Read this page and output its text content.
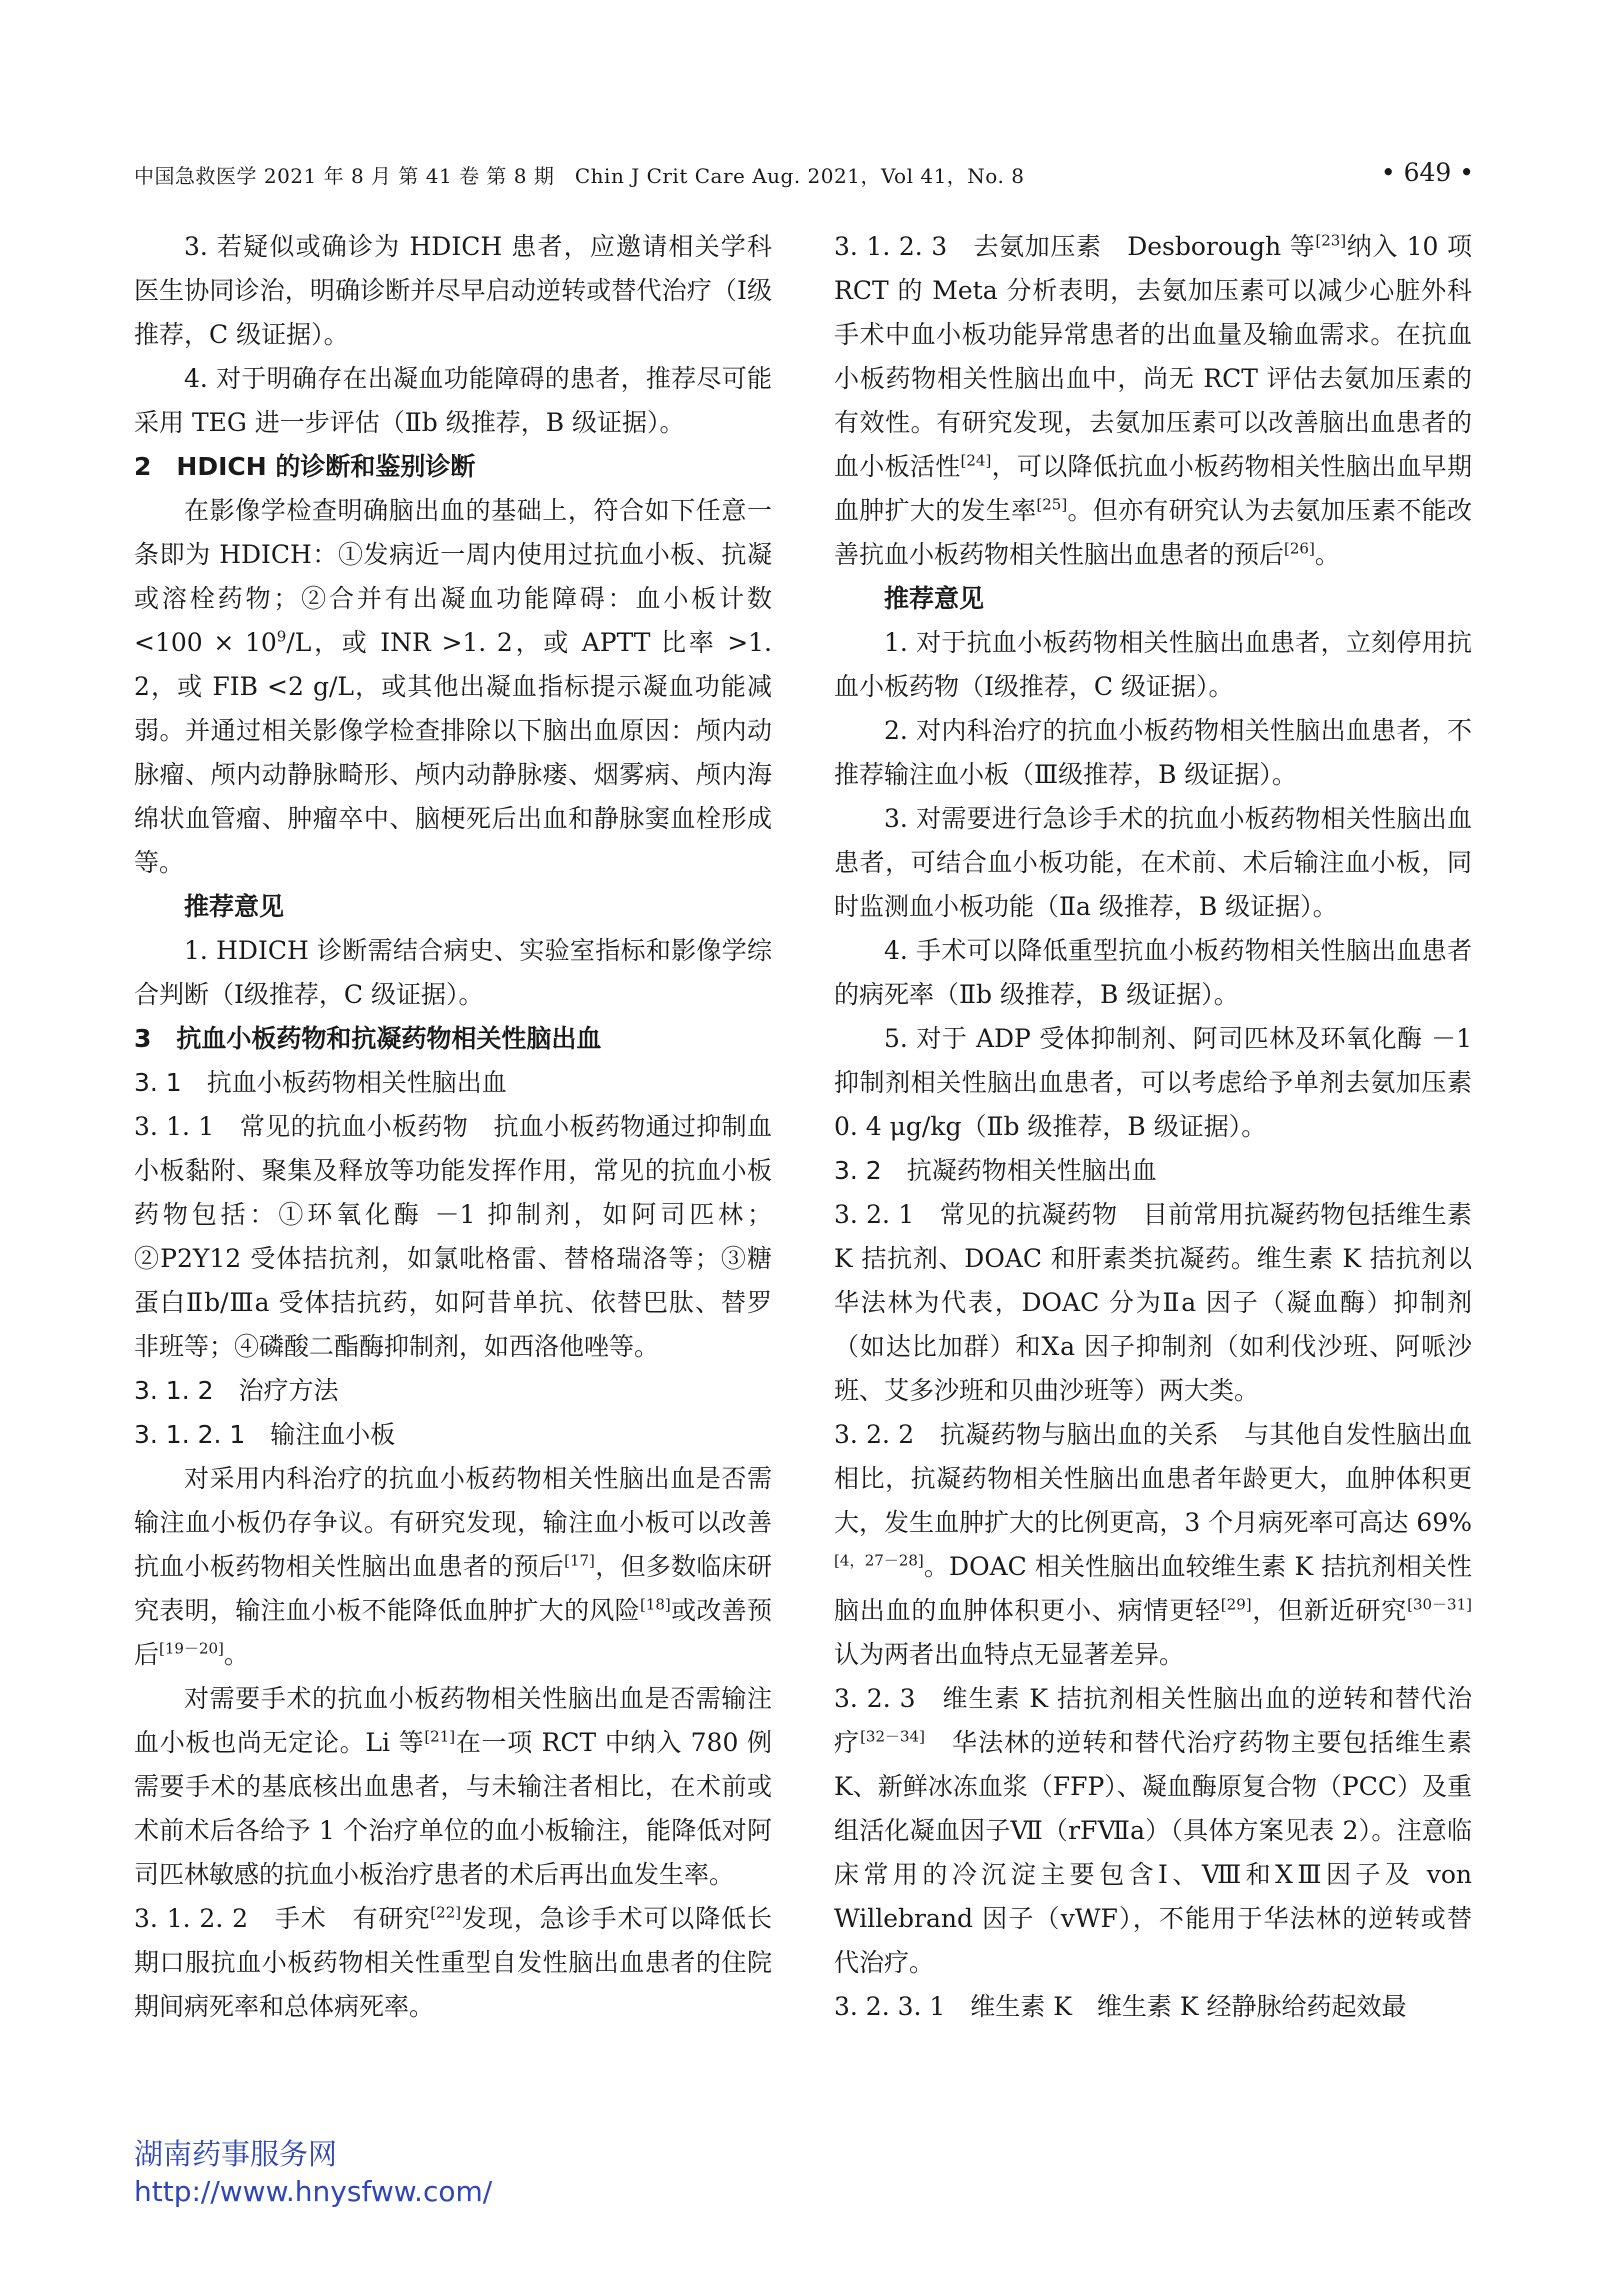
中国急救医学 2021 年 8 月 第 41 卷 第 8 期　Chin J Crit Care Aug. 2021，Vol 41，No. 8	• 649 •

3. 若疑似或确诊为 HDICH 患者，应邀请相关学科医生协同诊治，明确诊断并尽早启动逆转或替代治疗（Ⅰ级推荐，C 级证据）。

4. 对于明确存在出凝血功能障碍的患者，推荐尽可能采用 TEG 进一步评估（Ⅱb 级推荐，B 级证据）。

2　HDICH 的诊断和鉴别诊断

在影像学检查明确脑出血的基础上，符合如下任意一条即为 HDICH：①发病近一周内使用过抗血小板、抗凝或溶栓药物；②合并有出凝血功能障碍：血小板计数 $<100 \times 10^9/L$，或 INR >1. 2，或 APTT 比率 >1. 2，或 FIB <2 g/L，或其他出凝血指标提示凝血功能减弱。并通过相关影像学检查排除以下脑出血原因：颅内动脉瘤、颅内动静脉畸形、颅内动静脉瘘、烟雾病、颅内海绵状血管瘤、肿瘤卒中、脑梗死后出血和静脉窦血栓形成等。

推荐意见

1. HDICH 诊断需结合病史、实验室指标和影像学综合判断（Ⅰ级推荐，C 级证据）。

3　抗血小板药物和抗凝药物相关性脑出血

3. 1　抗血小板药物相关性脑出血

3. 1. 1　常见的抗血小板药物　抗血小板药物通过抑制血小板黏附、聚集及释放等功能发挥作用，常见的抗血小板药物包括：①环氧化酶 －1 抑制剂，如阿司匹林；②P2Y12 受体拮抗剂，如氯吡格雷、替格瑞洛等；③糖蛋白Ⅱb/Ⅲa 受体拮抗药，如阿昔单抗、依替巴肽、替罗非班等；④磷酸二酯酶抑制剂，如西洛他唑等。

3. 1. 2　治疗方法

3. 1. 2. 1　输注血小板

对采用内科治疗的抗血小板药物相关性脑出血是否需输注血小板仍存争议。有研究发现，输注血小板可以改善抗血小板药物相关性脑出血患者的预后[17]，但多数临床研究表明，输注血小板不能降低血肿扩大的风险[18]或改善预后[19－20]。

对需要手术的抗血小板药物相关性脑出血是否需输注血小板也尚无定论。Li 等[21]在一项 RCT 中纳入 780 例需要手术的基底核出血患者，与未输注者相比，在术前或术前术后各给予 1 个治疗单位的血小板输注，能降低对阿司匹林敏感的抗血小板治疗患者的术后再出血发生率。

3. 1. 2. 2　手术　有研究[22]发现，急诊手术可以降低长期口服抗血小板药物相关性重型自发性脑出血患者的住院期间病死率和总体病死率。

3. 1. 2. 3　去氨加压素　Desborough 等[23]纳入 10 项 RCT 的 Meta 分析表明，去氨加压素可以减少心脏外科手术中血小板功能异常患者的出血量及输血需求。在抗血小板药物相关性脑出血中，尚无 RCT 评估去氨加压素的有效性。有研究发现，去氨加压素可以改善脑出血患者的血小板活性[24]，可以降低抗血小板药物相关性脑出血早期血肿扩大的发生率[25]。但亦有研究认为去氨加压素不能改善抗血小板药物相关性脑出血患者的预后[26]。

推荐意见

1. 对于抗血小板药物相关性脑出血患者，立刻停用抗血小板药物（Ⅰ级推荐，C 级证据）。

2. 对内科治疗的抗血小板药物相关性脑出血患者，不推荐输注血小板（Ⅲ级推荐，B 级证据）。

3. 对需要进行急诊手术的抗血小板药物相关性脑出血患者，可结合血小板功能，在术前、术后输注血小板，同时监测血小板功能（Ⅱa 级推荐，B 级证据）。

4. 手术可以降低重型抗血小板药物相关性脑出血患者的病死率（Ⅱb 级推荐，B 级证据）。

5. 对于 ADP 受体抑制剂、阿司匹林及环氧化酶 －1 抑制剂相关性脑出血患者，可以考虑给予单剂去氨加压素 0. 4 μg/kg（Ⅱb 级推荐，B 级证据）。

3. 2　抗凝药物相关性脑出血

3. 2. 1　常见的抗凝药物　目前常用抗凝药物包括维生素 K 拮抗剂、DOAC 和肝素类抗凝药。维生素 K 拮抗剂以华法林为代表，DOAC 分为Ⅱa 因子（凝血酶）抑制剂（如达比加群）和Ⅹa 因子抑制剂（如利伐沙班、阿哌沙班、艾多沙班和贝曲沙班等）两大类。

3. 2. 2　抗凝药物与脑出血的关系　与其他自发性脑出血相比，抗凝药物相关性脑出血患者年龄更大，血肿体积更大，发生血肿扩大的比例更高，3 个月病死率可高达 69%[4，27－28]。DOAC 相关性脑出血较维生素 K 拮抗剂相关性脑出血的血肿体积更小、病情更轻[29]，但新近研究[30－31]认为两者出血特点无显著差异。

3. 2. 3　维生素 K 拮抗剂相关性脑出血的逆转和替代治疗[32－34]　华法林的逆转和替代治疗药物主要包括维生素 K、新鲜冰冻血浆（FFP）、凝血酶原复合物（PCC）及重组活化凝血因子Ⅶ（rFⅦa）（具体方案见表 2）。注意临床常用的冷沉淀主要包含Ⅰ、Ⅷ和ⅩⅢ因子及 von Willebrand 因子（vWF），不能用于华法林的逆转或替代治疗。

3. 2. 3. 1　维生素 K　维生素 K 经静脉给药起效最

湖南药事服务网
http://www.hnysfww.com/
